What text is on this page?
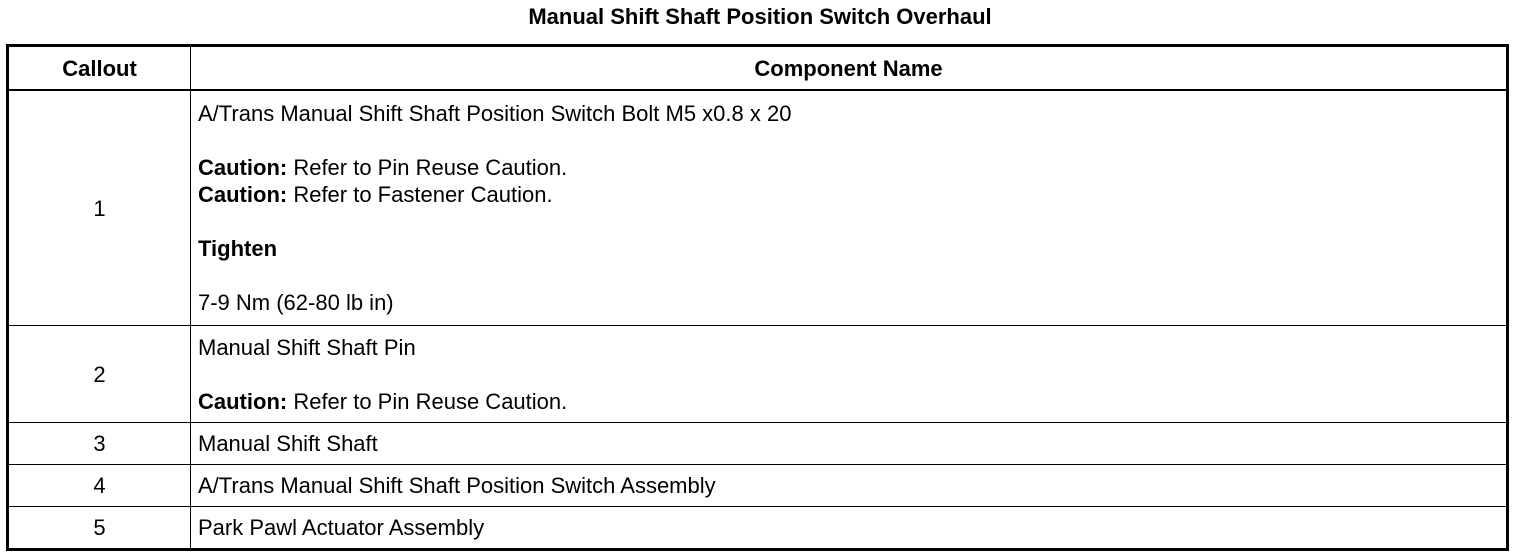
Manual Shift Shaft Position Switch Overhaul
Callout	Component Name
1	A/Trans Manual Shift Shaft Position Switch Bolt M5 x0.8 x 20
Caution: Refer to Pin Reuse Caution.
Caution: Refer to Fastener Caution.
Tighten
7-9 Nm (62-80 lb in)

2	Manual Shift Shaft Pin
Caution: Refer to Pin Reuse Caution.

3	Manual Shift Shaft
4	A/Trans Manual Shift Shaft Position Switch Assembly
5	Park Pawl Actuator Assembly
